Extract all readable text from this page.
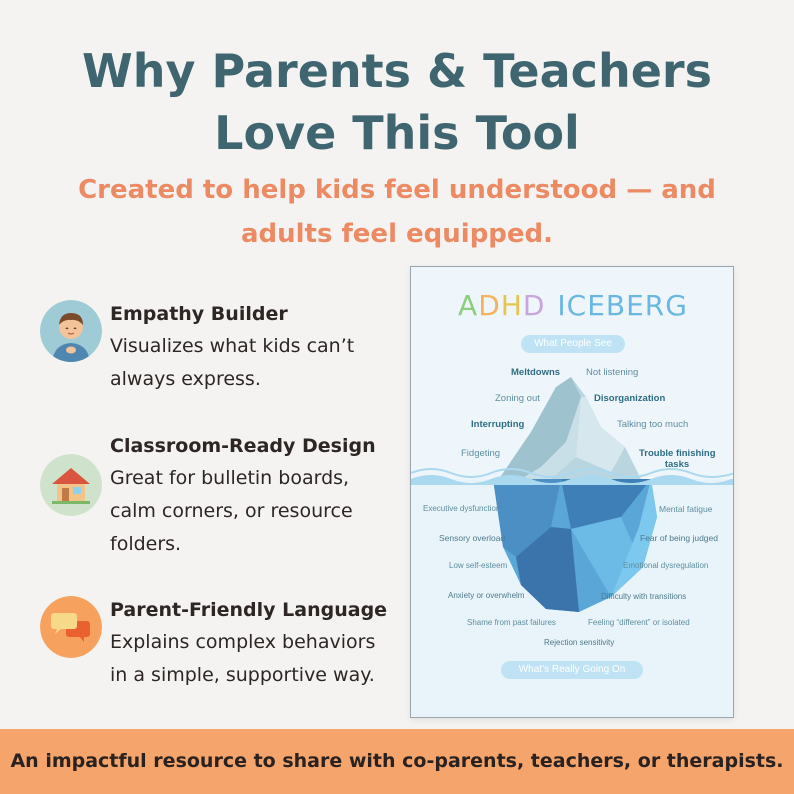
Why Parents & Teachers
Love This Tool
Created to help kids feel understood — and
adults feel equipped.
Empathy Builder
Visualizes what kids can’t
always express.
Classroom-Ready Design
Great for bulletin boards,
calm corners, or resource
folders.
Parent-Friendly Language
Explains complex behaviors
in a simple, supportive way.
ADHD ICEBERG
What People See
What’s Really Going On
Meltdowns	Not listening
Zoning out	Disorganization
Interrupting	Talking too much
Fidgeting	Trouble finishing
tasks
Executive dysfunction	Mental fatigue
Sensory overload	Fear of being judged
Low self-esteem	Emotional dysregulation
Anxiety or overwhelm	Difficulty with transitions
Shame from past failures	Feeling “different” or isolated
Rejection sensitivity
An impactful resource to share with co-parents, teachers, or therapists.
